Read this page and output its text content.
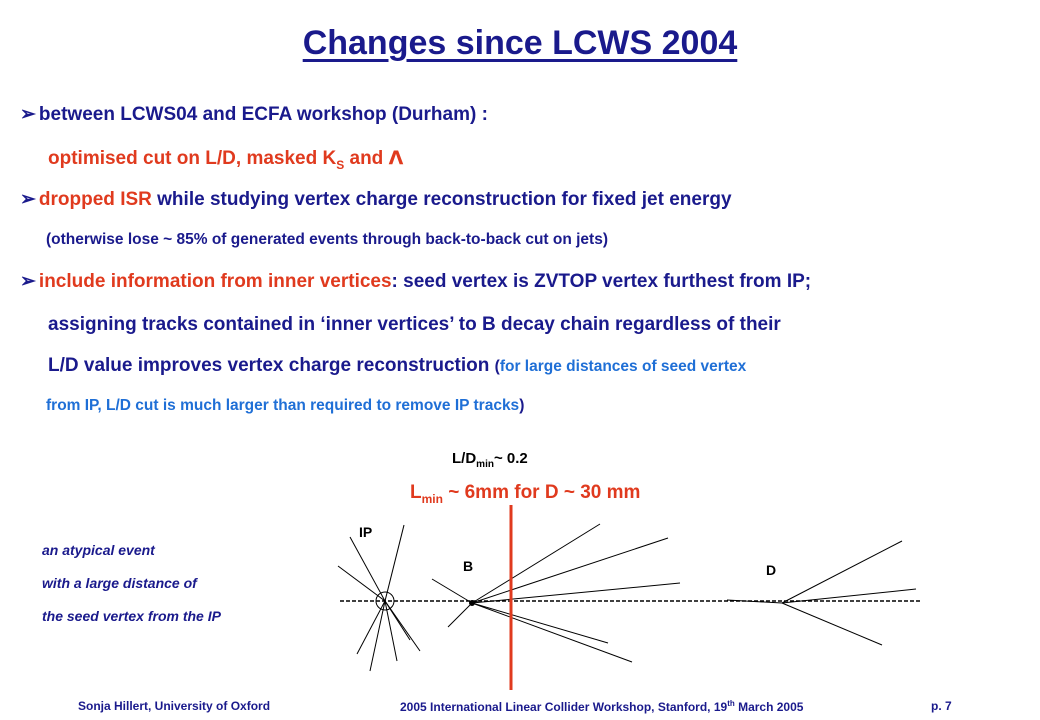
Changes since LCWS 2004
➢ between LCWS04 and ECFA workshop (Durham) :
optimised cut on L/D, masked $K_S$ and Λ
➢ dropped ISR while studying vertex charge reconstruction for fixed jet energy
(otherwise lose ~ 85% of generated events through back-to-back cut on jets)
➢ include information from inner vertices: seed vertex is ZVTOP vertex furthest from IP;
assigning tracks contained in ‘inner vertices’ to B decay chain regardless of their
L/D value improves vertex charge reconstruction (for large distances of seed vertex
from IP, L/D cut is much larger than required to remove IP tracks)
$L/D_{min}\sim$ 0.2
$L_{min}$ ~ 6mm for D ~ 30 mm
IP
B	D
an atypical event
with a large distance of
the seed vertex from the IP
Sonja Hillert, University of Oxford	2005 International Linear Collider Workshop, Stanford, 19th March 2005	p. 7
